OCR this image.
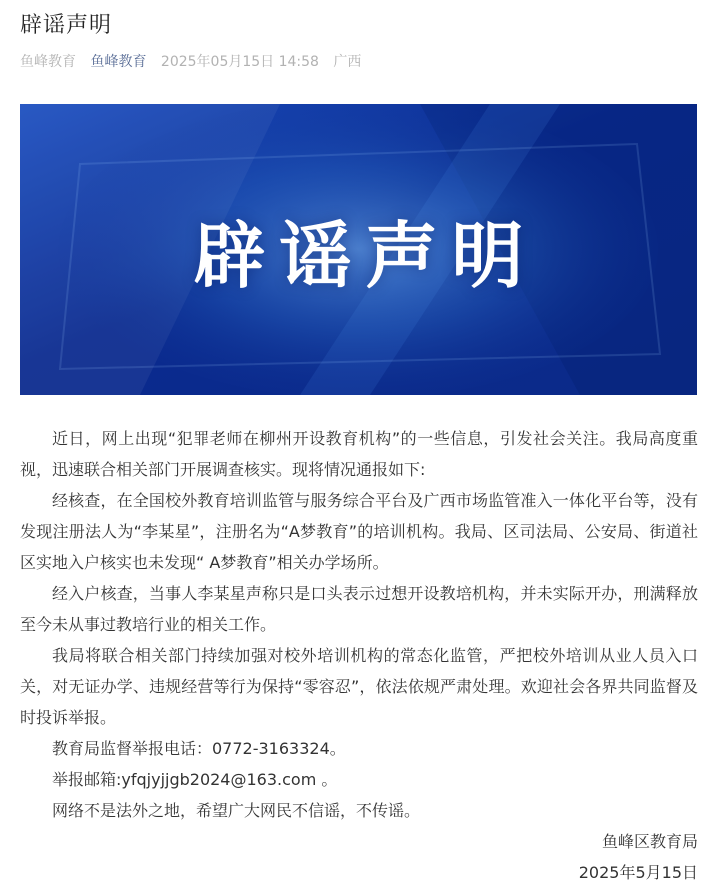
辟谣声明
鱼峰教育 鱼峰教育 2025年05月15日 14:58 广西
辟谣声明

近日，网上出现“犯罪老师在柳州开设教育机构”的一些信息，引发社会关注。我局高度重视，迅速联合相关部门开展调查核实。现将情况通报如下:

经核查，在全国校外教育培训监管与服务综合平台及广西市场监管准入一体化平台等，没有发现注册法人为“李某星”，注册名为“A梦教育”的培训机构。我局、区司法局、公安局、街道社区实地入户核实也未发现“ A梦教育”相关办学场所。

经入户核查，当事人李某星声称只是口头表示过想开设教培机构，并未实际开办，刑满释放至今未从事过教培行业的相关工作。

我局将联合相关部门持续加强对校外培训机构的常态化监管，严把校外培训从业人员入口关，对无证办学、违规经营等行为保持“零容忍”，依法依规严肃处理。欢迎社会各界共同监督及时投诉举报。

教育局监督举报电话：0772-3163324。

举报邮箱:yfqjyjjgb2024@163.com 。

网络不是法外之地，希望广大网民不信谣，不传谣。

鱼峰区教育局

2025年5月15日
